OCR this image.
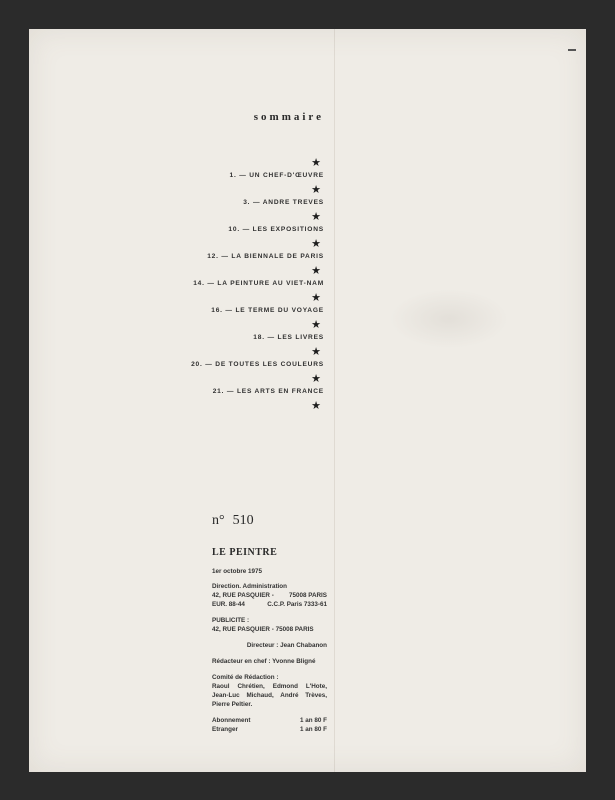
sommaire
★
1. — UN CHEF-D'ŒUVRE
★
3. — ANDRE TREVES
★
10. — LES EXPOSITIONS
★
12. — LA BIENNALE DE PARIS
★
14. — LA PEINTURE AU VIET-NAM
★
16. — LE TERME DU VOYAGE
★
18. — LES LIVRES
★
20. — DE TOUTES LES COULEURS
★
21. — LES ARTS EN FRANCE
★
n° 510
LE PEINTRE
1er octobre 1975
Direction. Administration
42, RUE PASQUIER - 75008 PARIS
EUR. 88-44	C.C.P. Paris 7333-61
PUBLICITE :
42, RUE PASQUIER - 75008 PARIS
Directeur : Jean Chabanon
Rédacteur en chef : Yvonne Bligné
Comité de Rédaction :
Raoul Chrétien, Edmond L'Hote,
Jean-Luc Michaud, André Trèves,
Pierre Peltier.
Abonnement	1 an 80 F
Etranger	1 an 80 F
